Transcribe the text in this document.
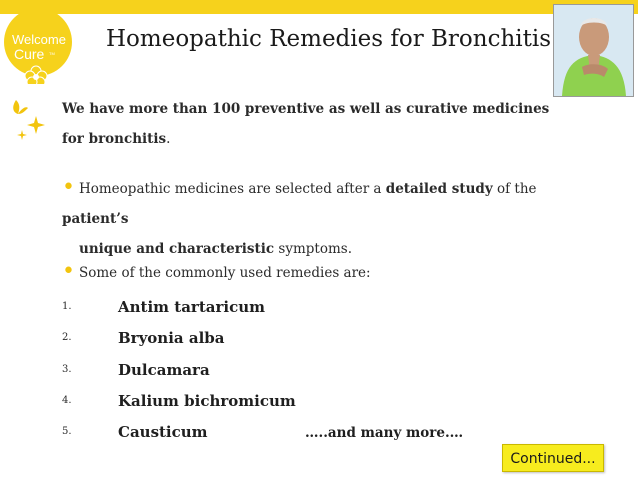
Welcome
Cure TM
Homeopathic Remedies for Bronchitis
We have more than 100 preventive as well as curative medicines for bronchitis.
• Homeopathic medicines are selected after a detailed study of the patient’s
unique and characteristic symptoms.
• Some of the commonly used remedies are:
1.	Antim tartaricum
2.	Bryonia alba
3.	Dulcamara
4.	Kalium bichromicum
5.	Causticum	…..and many more.…
Continued...
